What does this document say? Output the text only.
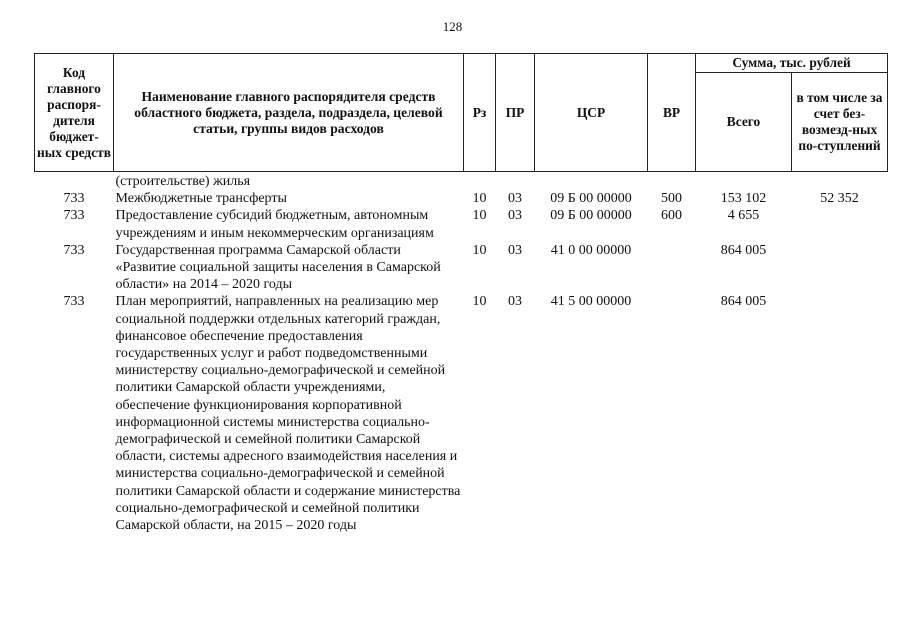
128
Код главного распоря-дителя бюджет-ных средств	Наименование главного распорядителя средств областного бюджета, раздела, подраздела, целевой статьи, группы видов расходов	Рз	ПР	ЦСР	ВР	Сумма, тыс. рублей	
						Всего	в том числе за счет без-возмезд-ных по-ступлений
	(строительстве) жилья						
733	Межбюджетные трансферты	10	03	09 Б 00 00000	500	153 102	52 352
733	Предоставление субсидий бюджетным, автономным учреждениям и иным некоммерческим организациям	10	03	09 Б 00 00000	600	4 655	
733	Государственная программа Самарской области «Развитие социальной защиты населения в Самарской области» на 2014 – 2020 годы	10	03	41 0 00 00000		864 005	
733	План мероприятий, направленных на реализацию мер социальной поддержки отдельных категорий граждан, финансовое обеспечение предоставления государственных услуг и работ подведомственными министерству социально-демографической и семейной политики Самарской области учреждениями, обеспечение функционирования корпоративной информационной системы министерства социально-демографической и семейной политики Самарской области, системы адресного взаимодействия населения и министерства социально-демографической и семейной политики Самарской области и содержание министерства социально-демографической и семейной политики Самарской области, на 2015 – 2020 годы	10	03	41 5 00 00000		864 005	
